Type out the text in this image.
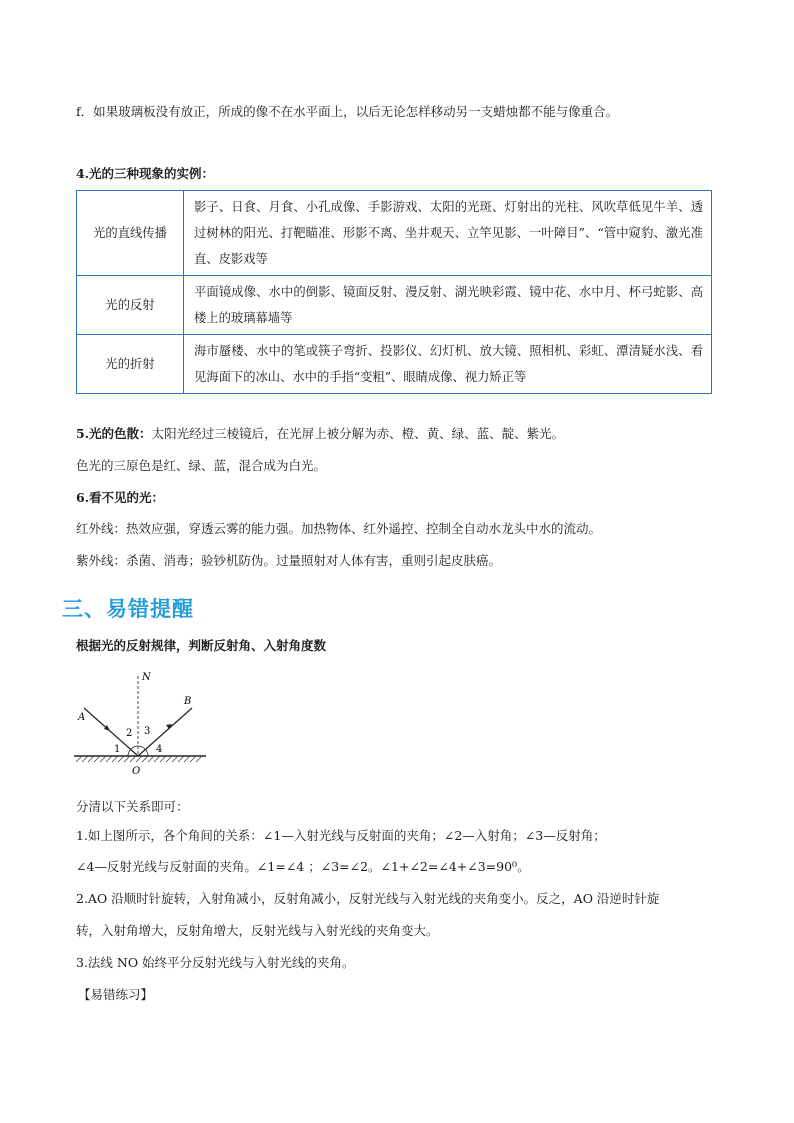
f．如果玻璃板没有放正，所成的像不在水平面上，以后无论怎样移动另一支蜡烛都不能与像重合。
4.光的三种现象的实例：
光的直线传播	影子、日食、月食、小孔成像、手影游戏、太阳的光斑、灯射出的光柱、风吹草低见牛羊、透过树林的阳光、打靶瞄准、形影不离、坐井观天、立竿见影、一叶障目”、“管中窥豹、激光准直、皮影戏等
光的反射	平面镜成像、水中的倒影、镜面反射、漫反射、湖光映彩霞、镜中花、水中月、杯弓蛇影、高楼上的玻璃幕墙等
光的折射	海市蜃楼、水中的笔或筷子弯折、投影仪、幻灯机、放大镜、照相机、彩虹、潭清疑水浅、看见海面下的冰山、水中的手指“变粗”、眼睛成像、视力矫正等
5.光的色散：太阳光经过三棱镜后，在光屏上被分解为赤、橙、黄、绿、蓝、靛、紫光。
色光的三原色是红、绿、蓝，混合成为白光。
6.看不见的光：
红外线：热效应强，穿透云雾的能力强。加热物体、红外遥控、控制全自动水龙头中水的流动。
紫外线：杀菌、消毒；验钞机防伪。过量照射对人体有害，重则引起皮肤癌。
三、易错提醒
根据光的反射规律，判断反射角、入射角度数
N
A
B
O
1
2 3
4
分清以下关系即可：
1.如上图所示，各个角间的关系：∠1—入射光线与反射面的夹角；∠2—入射角；∠3—反射角；
∠4—反射光线与反射面的夹角。∠1=∠4 ；∠3=∠2。∠1+∠2=∠4+∠3=90⁰。
2.AO 沿顺时针旋转，入射角减小，反射角减小，反射光线与入射光线的夹角变小。反之，AO 沿逆时针旋
转，入射角增大，反射角增大，反射光线与入射光线的夹角变大。
3.法线 NO 始终平分反射光线与入射光线的夹角。
【易错练习】
